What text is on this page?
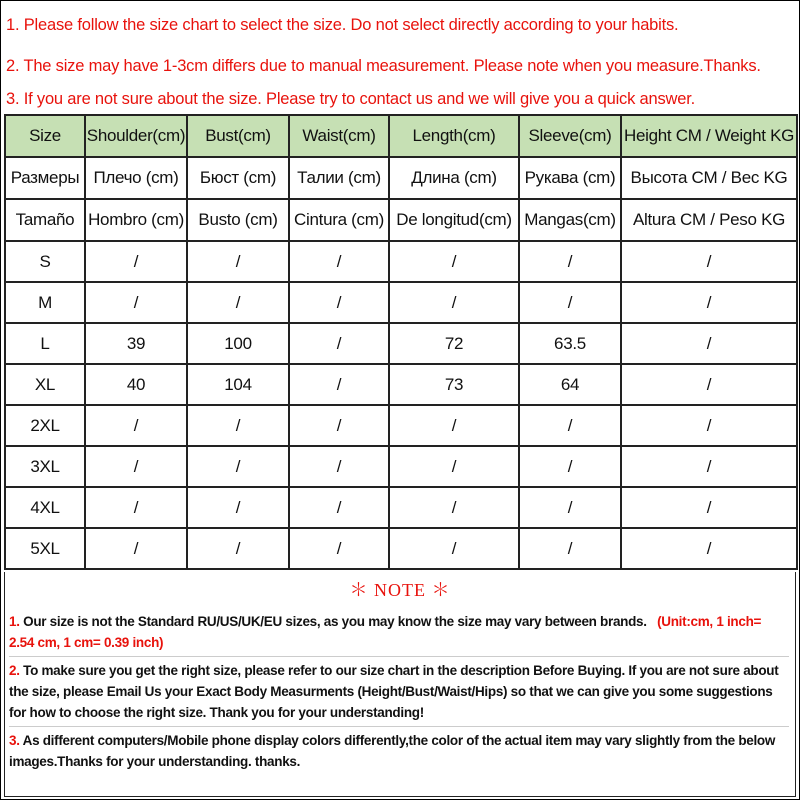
1. Please follow the size chart to select the size. Do not select directly according to your habits.
2. The size may have 1-3cm differs due to manual measurement. Please note when you measure.Thanks.
3. If you are not sure about the size. Please try to contact us and we will give you a quick answer.
Size	Shoulder(cm)	Bust(cm)	Waist(cm)	Length(cm)	Sleeve(cm)	Height CM / Weight KG
Размеры	Плечо (cm)	Бюст (cm)	Талии (cm)	Длина (cm)	Рукава (cm)	Высота CM / Вес KG
Tamaño	Hombro (cm)	Busto (cm)	Cintura (cm)	De longitud(cm)	Mangas(cm)	Altura CM / Peso KG
S	/	/	/	/	/	/
M	/	/	/	/	/	/
L	39	100	/	72	63.5	/
XL	40	104	/	73	64	/
2XL	/	/	/	/	/	/
3XL	/	/	/	/	/	/
4XL	/	/	/	/	/	/
5XL	/	/	/	/	/	/
＊ NOTE ＊
1. Our size is not the Standard RU/US/UK/EU sizes, as you may know the size may vary between brands. (Unit:cm, 1 inch= 2.54 cm, 1 cm= 0.39 inch)
2. To make sure you get the right size, please refer to our size chart in the description Before Buying. If you are not sure about the size, please Email Us your Exact Body Measurments (Height/Bust/Waist/Hips) so that we can give you some suggestions for how to choose the right size. Thank you for your understanding!
3. As different computers/Mobile phone display colors differently,the color of the actual item may vary slightly from the below images.Thanks for your understanding. thanks.
